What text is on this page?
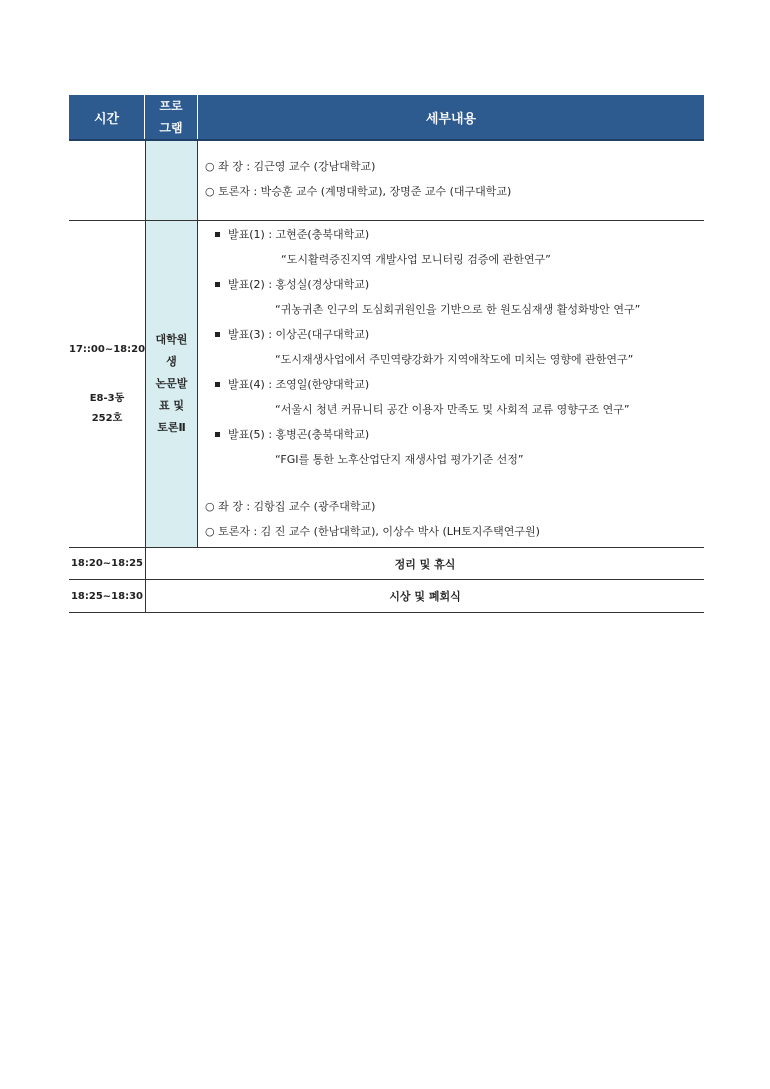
시간
프로
그램
세부내용
○ 좌 장 : 김근영 교수 (강남대학교)
○ 토론자 : 박승훈 교수 (계명대학교), 장명준 교수 (대구대학교)
17::00~18:20
E8-3동
252호
대학원
생
논문발
표 및
토론Ⅱ
발표(1) : 고현준(충북대학교)
“도시활력증진지역 개발사업 모니터링 검증에 관한연구”
발표(2) : 홍성실(경상대학교)
“귀농귀촌 인구의 도심회귀원인을 기반으로 한 원도심재생 활성화방안 연구”
발표(3) : 이상곤(대구대학교)
“도시재생사업에서 주민역량강화가 지역애착도에 미치는 영향에 관한연구”
발표(4) : 조영일(한양대학교)
“서울시 청년 커뮤니티 공간 이용자 만족도 및 사회적 교류 영향구조 연구”
발표(5) : 홍병곤(충북대학교)
“FGI를 통한 노후산업단지 재생사업 평가기준 선정”
○ 좌 장 : 김항집 교수 (광주대학교)
○ 토론자 : 김 진 교수 (한남대학교), 이상수 박사 (LH토지주택연구원)
18:20~18:25	정리 및 휴식
18:25~18:30	시상 및 폐회식
